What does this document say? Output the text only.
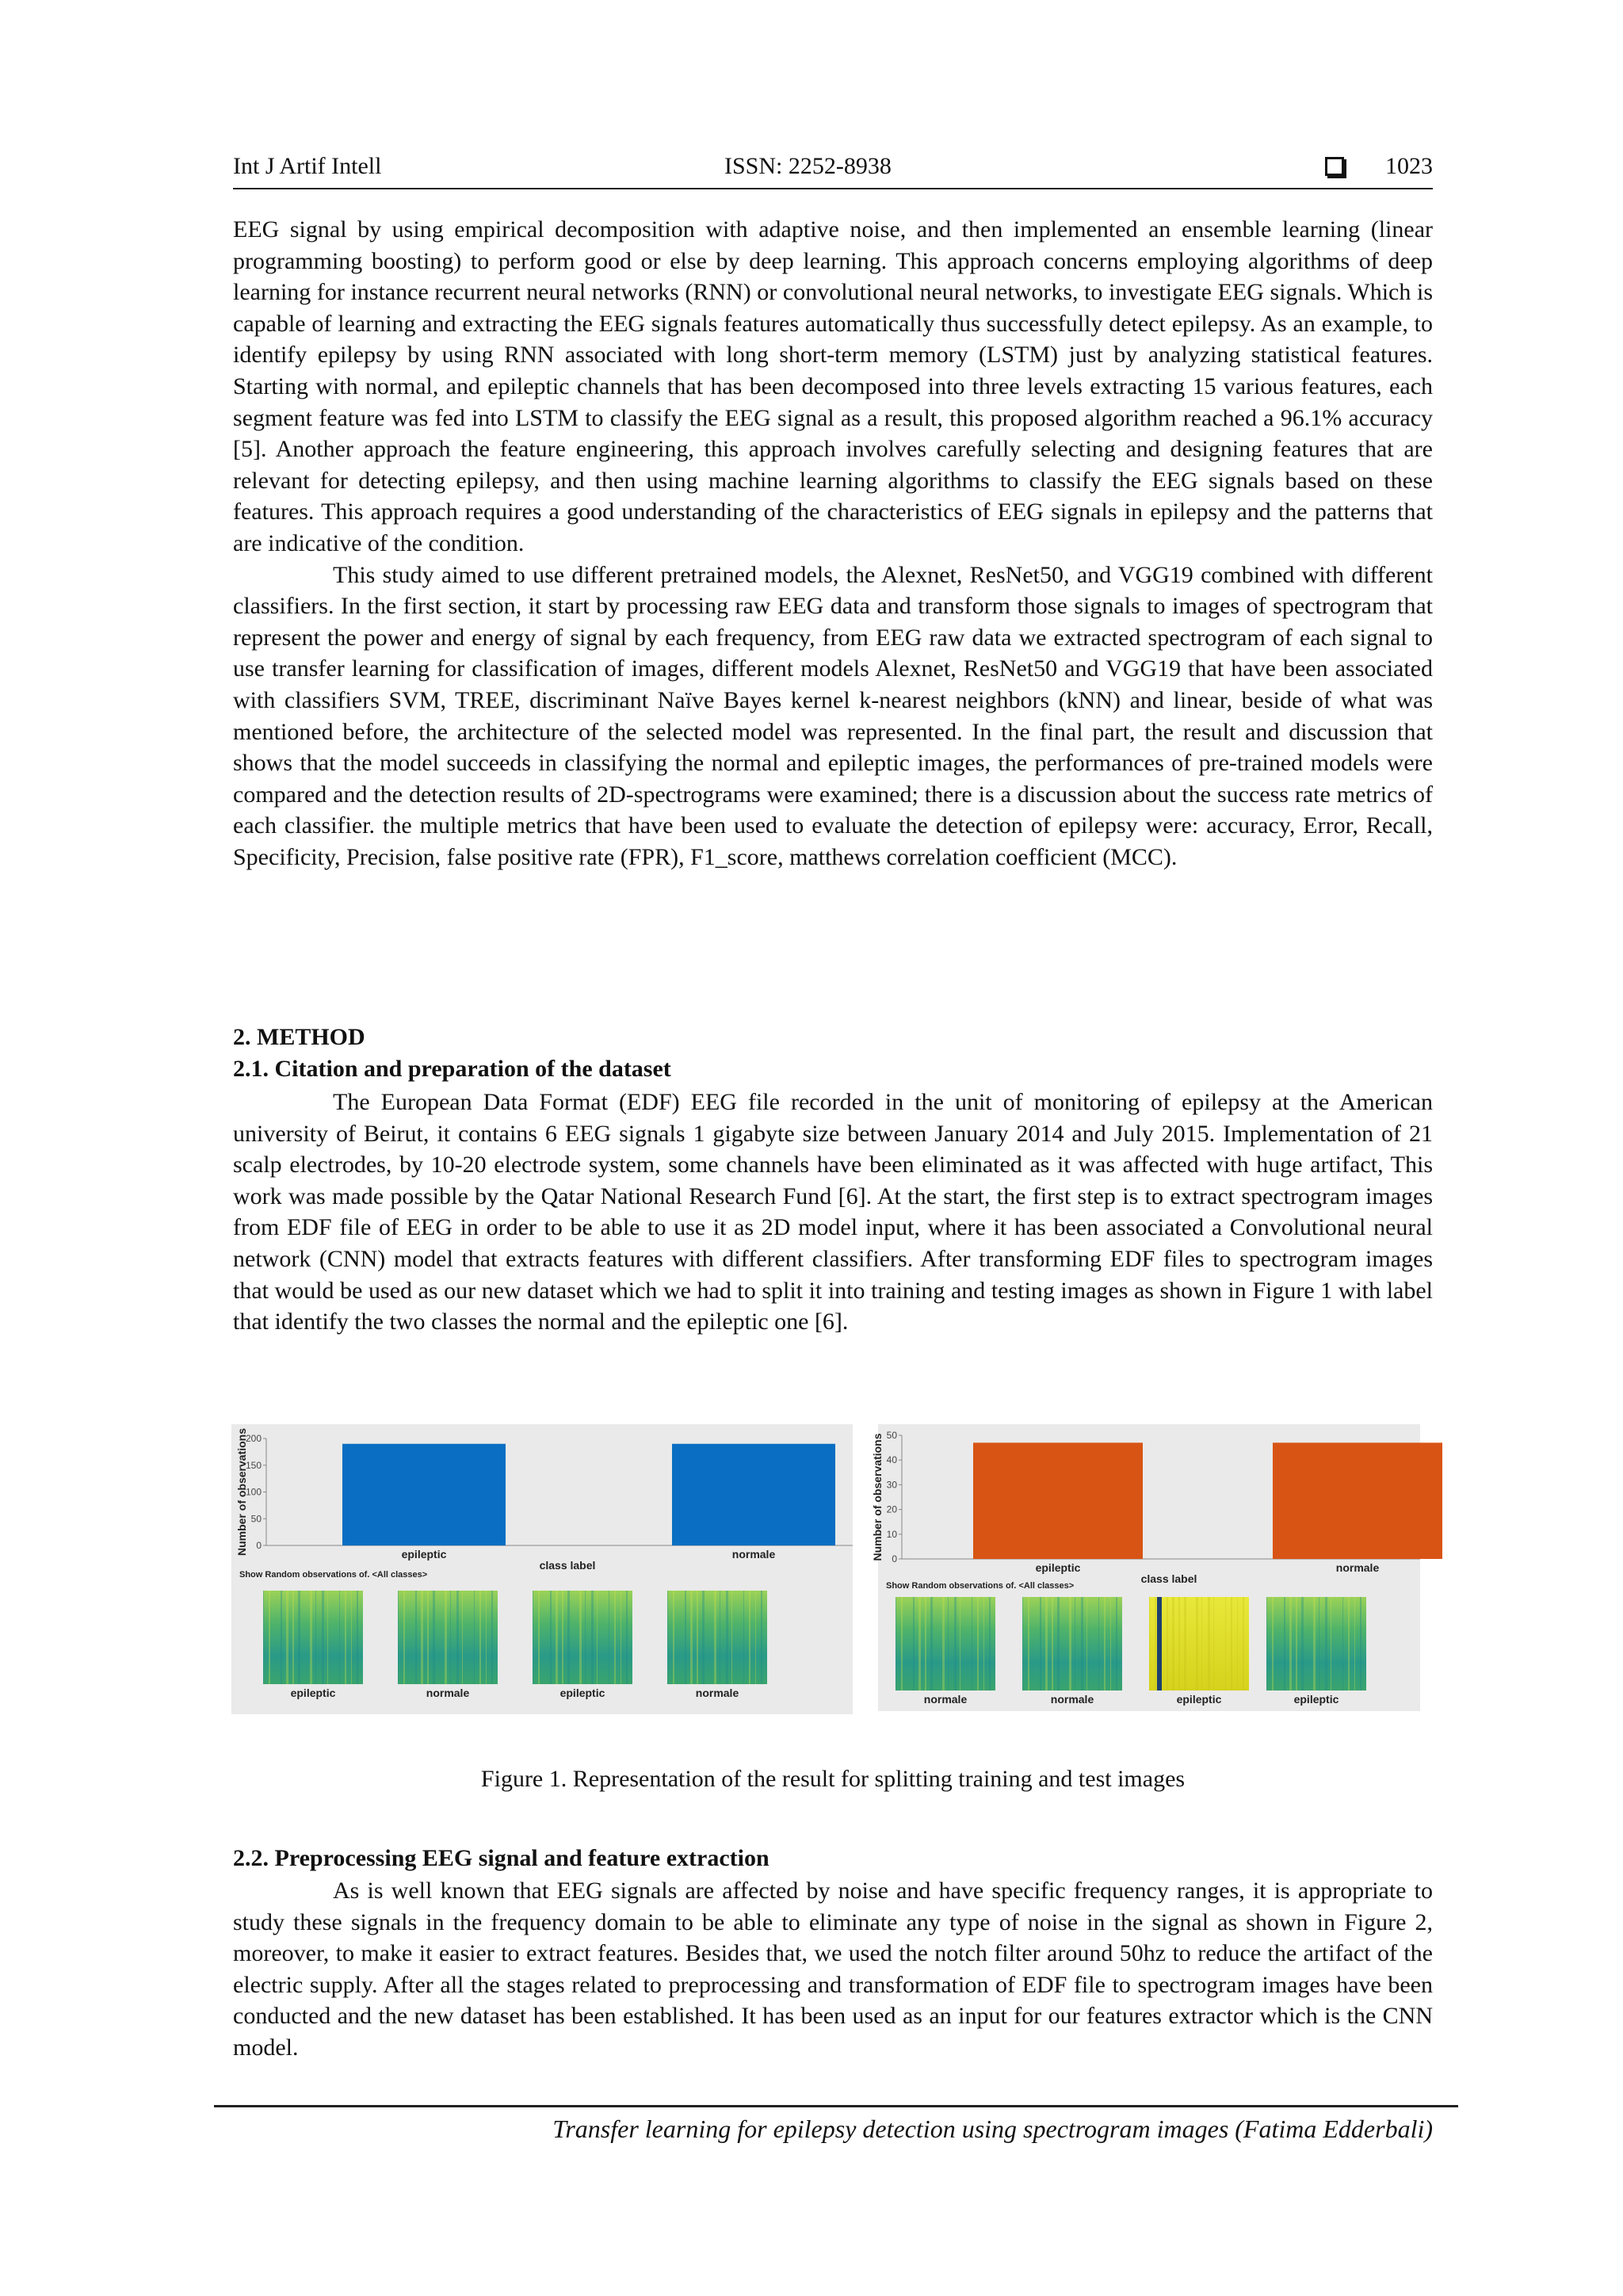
Int J Artif Intell	ISSN: 2252-8938	1023

EEG signal by using empirical decomposition with adaptive noise, and then implemented an ensemble learning (linear programming boosting) to perform good or else by deep learning. This approach concerns employing algorithms of deep learning for instance recurrent neural networks (RNN) or convolutional neural networks, to investigate EEG signals. Which is capable of learning and extracting the EEG signals features automatically thus successfully detect epilepsy. As an example, to identify epilepsy by using RNN associated with long short-term memory (LSTM) just by analyzing statistical features. Starting with normal, and epileptic channels that has been decomposed into three levels extracting 15 various features, each segment feature was fed into LSTM to classify the EEG signal as a result, this proposed algorithm reached a 96.1% accuracy [5]. Another approach the feature engineering, this approach involves carefully selecting and designing features that are relevant for detecting epilepsy, and then using machine learning algorithms to classify the EEG signals based on these features. This approach requires a good understanding of the characteristics of EEG signals in epilepsy and the patterns that are indicative of the condition.

This study aimed to use different pretrained models, the Alexnet, ResNet50, and VGG19 combined with different classifiers. In the first section, it start by processing raw EEG data and transform those signals to images of spectrogram that represent the power and energy of signal by each frequency, from EEG raw data we extracted spectrogram of each signal to use transfer learning for classification of images, different models Alexnet, ResNet50 and VGG19 that have been associated with classifiers SVM, TREE, discriminant Naïve Bayes kernel k-nearest neighbors (kNN) and linear, beside of what was mentioned before, the architecture of the selected model was represented. In the final part, the result and discussion that shows that the model succeeds in classifying the normal and epileptic images, the performances of pre-trained models were compared and the detection results of 2D-spectrograms were examined; there is a discussion about the success rate metrics of each classifier. the multiple metrics that have been used to evaluate the detection of epilepsy were: accuracy, Error, Recall, Specificity, Precision, false positive rate (FPR), F1_score, matthews correlation coefficient (MCC).

2. METHOD
2.1. Citation and preparation of the dataset

The European Data Format (EDF) EEG file recorded in the unit of monitoring of epilepsy at the American university of Beirut, it contains 6 EEG signals 1 gigabyte size between January 2014 and July 2015. Implementation of 21 scalp electrodes, by 10-20 electrode system, some channels have been eliminated as it was affected with huge artifact, This work was made possible by the Qatar National Research Fund [6]. At the start, the first step is to extract spectrogram images from EDF file of EEG in order to be able to use it as 2D model input, where it has been associated a Convolutional neural network (CNN) model that extracts features with different classifiers. After transforming EDF files to spectrogram images that would be used as our new dataset which we had to split it into training and testing images as shown in Figure 1 with label that identify the two classes the normal and the epileptic one [6].

0
50
100
150
200
Number of observations	epileptic	normale
class label
Show Random observations of. <All classes>
epileptic	normale	epileptic	normale
0
10
20
30
40
50
Number of observations
epileptic	normale
class label
Show Random observations of. <All classes>
normale	normale	epileptic	epileptic
Figure 1. Representation of the result for splitting training and test images
2.2. Preprocessing EEG signal and feature extraction

As is well known that EEG signals are affected by noise and have specific frequency ranges, it is appropriate to study these signals in the frequency domain to be able to eliminate any type of noise in the signal as shown in Figure 2, moreover, to make it easier to extract features. Besides that, we used the notch filter around 50hz to reduce the artifact of the electric supply. After all the stages related to preprocessing and transformation of EDF file to spectrogram images have been conducted and the new dataset has been established. It has been used as an input for our features extractor which is the CNN model.

Transfer learning for epilepsy detection using spectrogram images (Fatima Edderbali)
